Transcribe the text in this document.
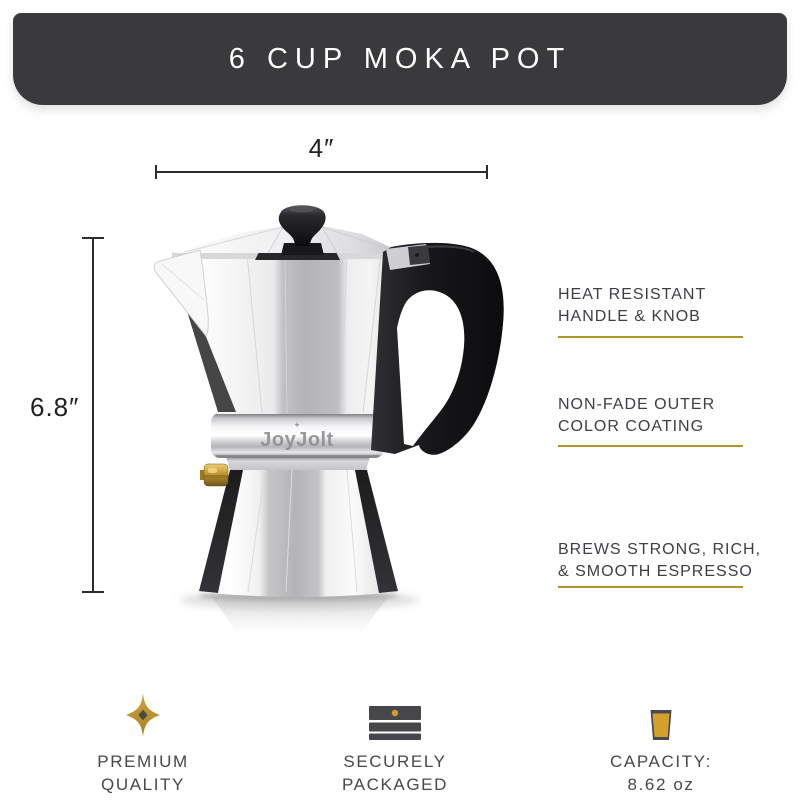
6 CUP MOKA POT
4″
6.8″
+
JoyJolt

HEAT RESISTANT
HANDLE & KNOB

NON-FADE OUTER
COLOR COATING

BREWS STRONG, RICH,
& SMOOTH ESPRESSO

PREMIUM
QUALITY

SECURELY
PACKAGED

CAPACITY:
8.62 oz
